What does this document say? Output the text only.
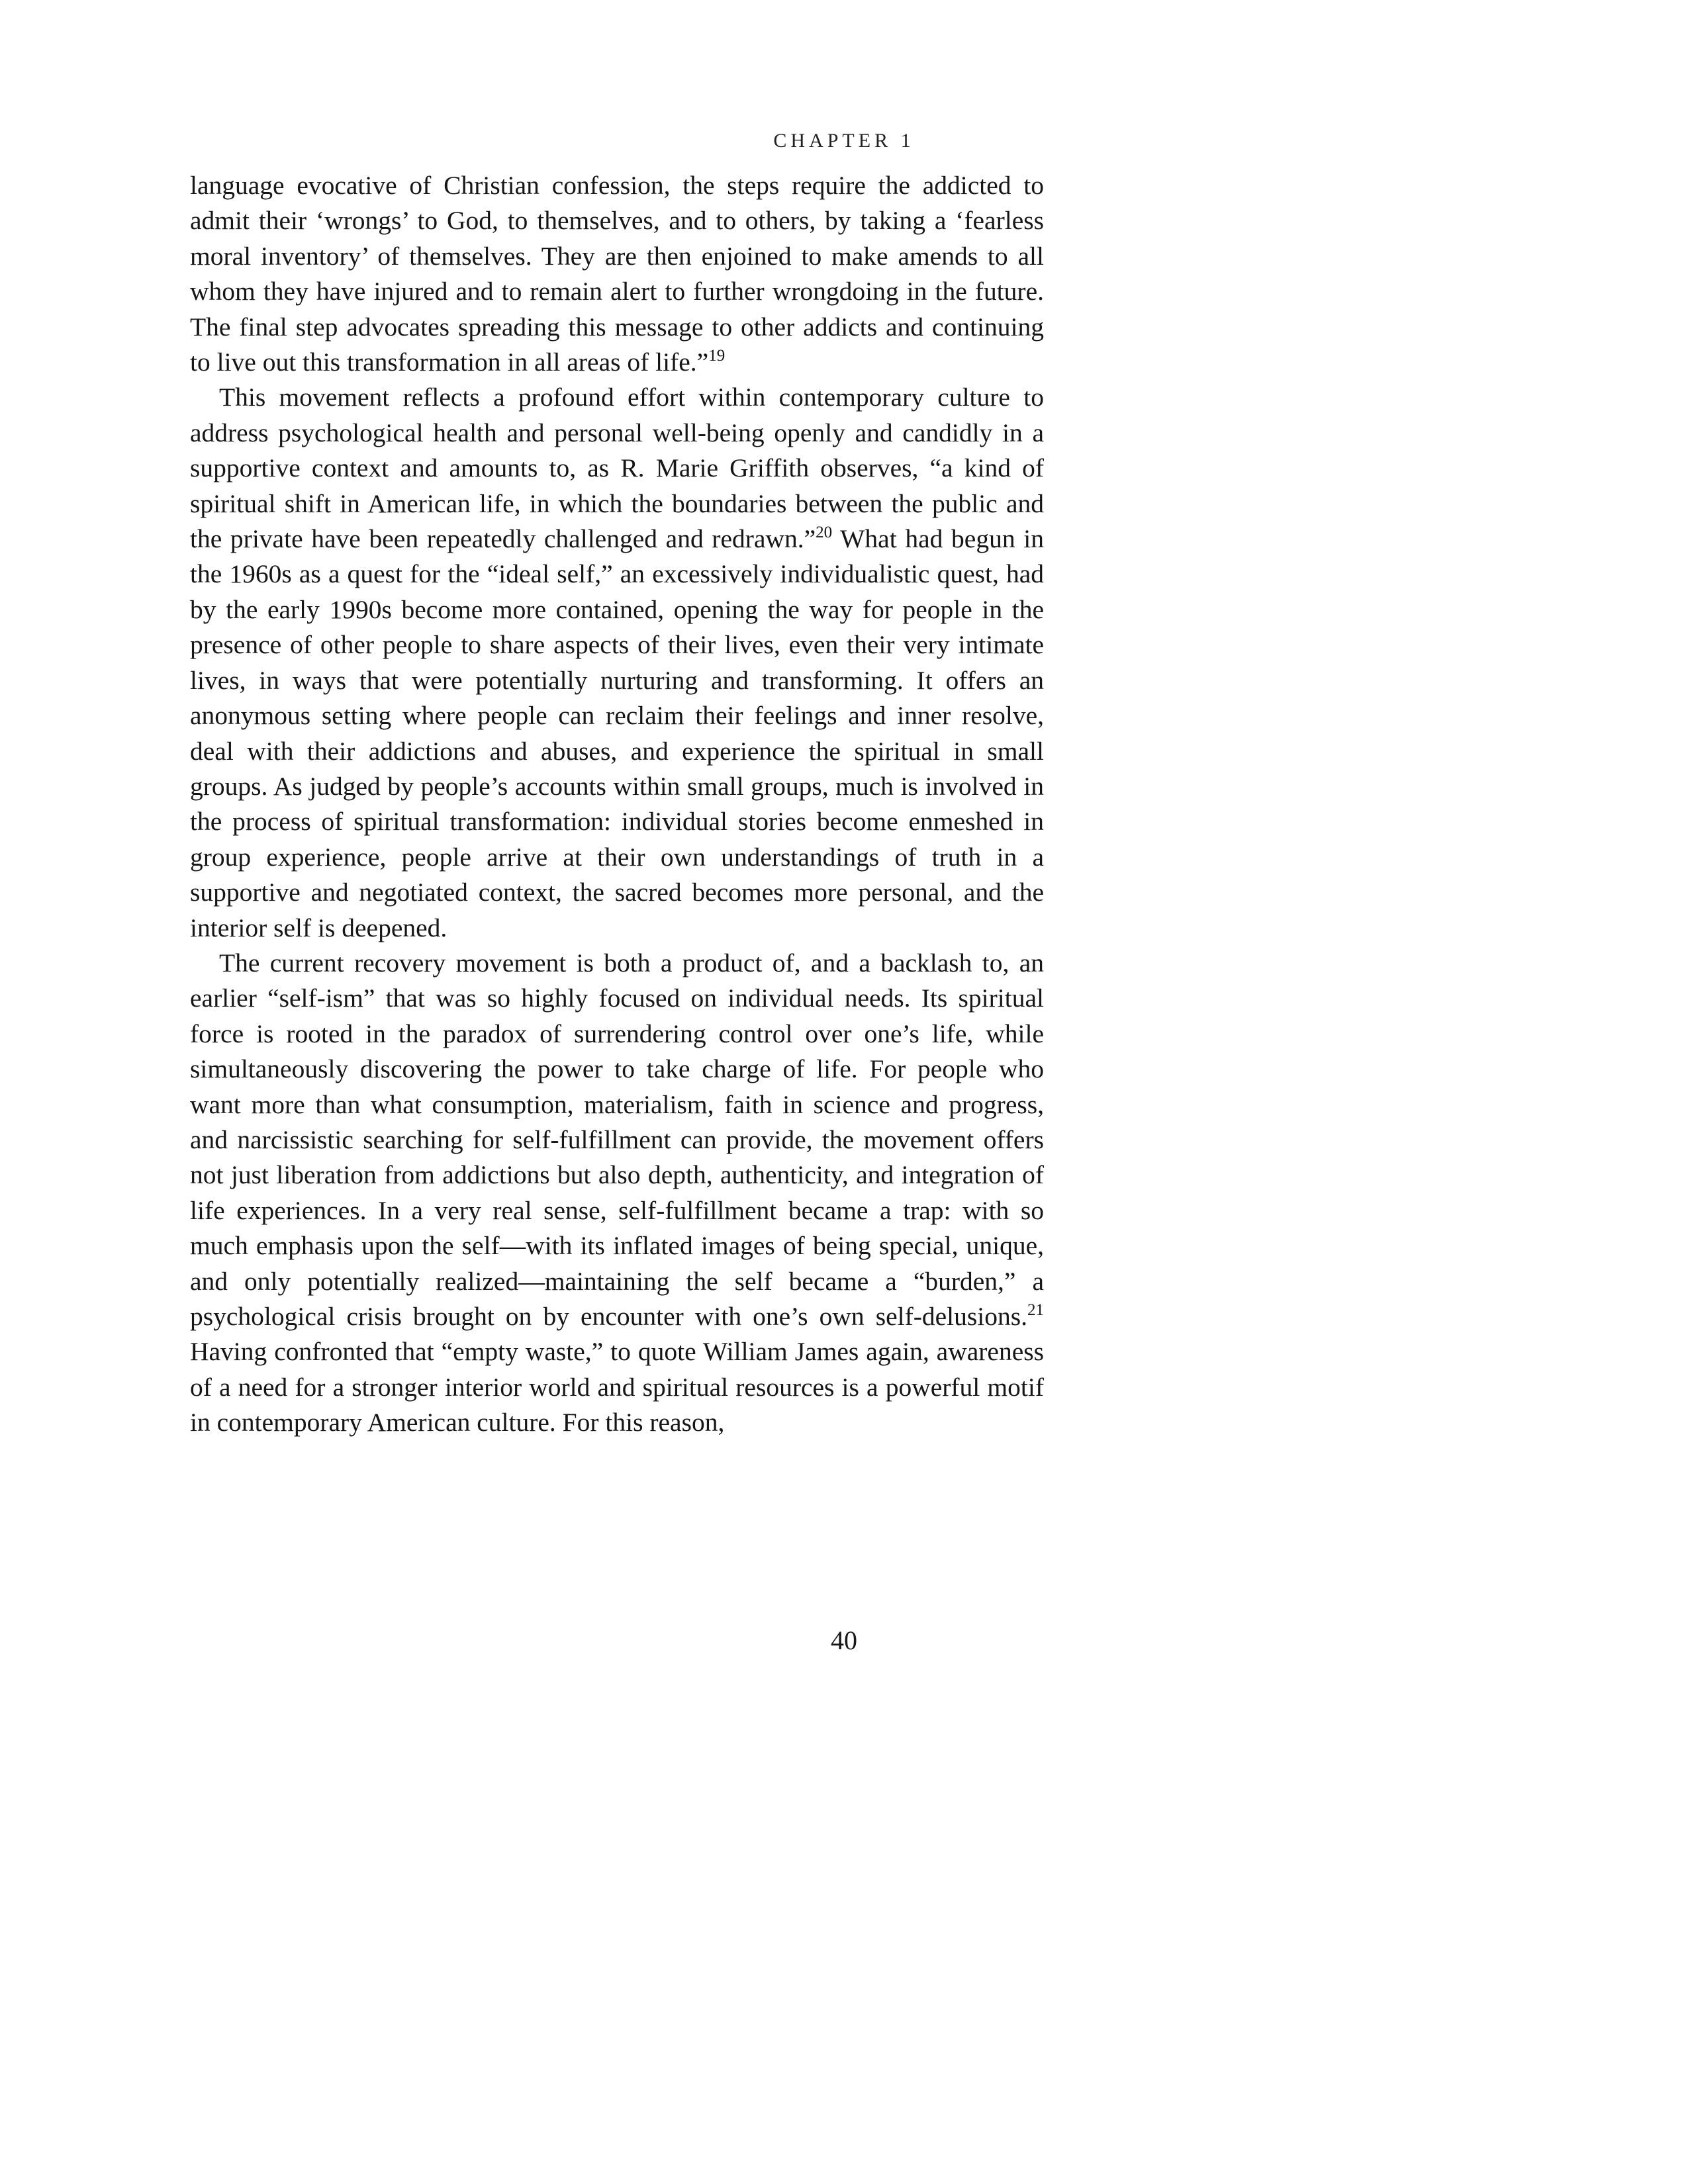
CHAPTER 1

language evocative of Christian confession, the steps require the addicted to admit their ‘wrongs’ to God, to themselves, and to others, by taking a ‘fearless moral inventory’ of themselves. They are then enjoined to make amends to all whom they have injured and to remain alert to further wrongdoing in the future. The final step advocates spreading this message to other addicts and continuing to live out this transformation in all areas of life.”$^{19}$

This movement reflects a profound effort within contemporary culture to address psychological health and personal well-being openly and candidly in a supportive context and amounts to, as R. Marie Griffith observes, “a kind of spiritual shift in American life, in which the boundaries between the public and the private have been repeatedly challenged and redrawn.”$^{20}$ What had begun in the 1960s as a quest for the “ideal self,” an excessively individualistic quest, had by the early 1990s become more contained, opening the way for people in the presence of other people to share aspects of their lives, even their very intimate lives, in ways that were potentially nurturing and transforming. It offers an anonymous setting where people can reclaim their feelings and inner resolve, deal with their addictions and abuses, and experience the spiritual in small groups. As judged by people’s accounts within small groups, much is involved in the process of spiritual transformation: individual stories become enmeshed in group experience, people arrive at their own understandings of truth in a supportive and negotiated context, the sacred becomes more personal, and the interior self is deepened.

The current recovery movement is both a product of, and a backlash to, an earlier “self-ism” that was so highly focused on individual needs. Its spiritual force is rooted in the paradox of surrendering control over one’s life, while simultaneously discovering the power to take charge of life. For people who want more than what consumption, materialism, faith in science and progress, and narcissistic searching for self-fulfillment can provide, the movement offers not just liberation from addictions but also depth, authenticity, and integration of life experiences. In a very real sense, self-fulfillment became a trap: with so much emphasis upon the self—with its inflated images of being special, unique, and only potentially realized—maintaining the self became a “burden,” a psychological crisis brought on by encounter with one’s own self-delusions.$^{21}$ Having confronted that “empty waste,” to quote William James again, awareness of a need for a stronger interior world and spiritual resources is a powerful motif in contemporary American culture. For this reason,

40
